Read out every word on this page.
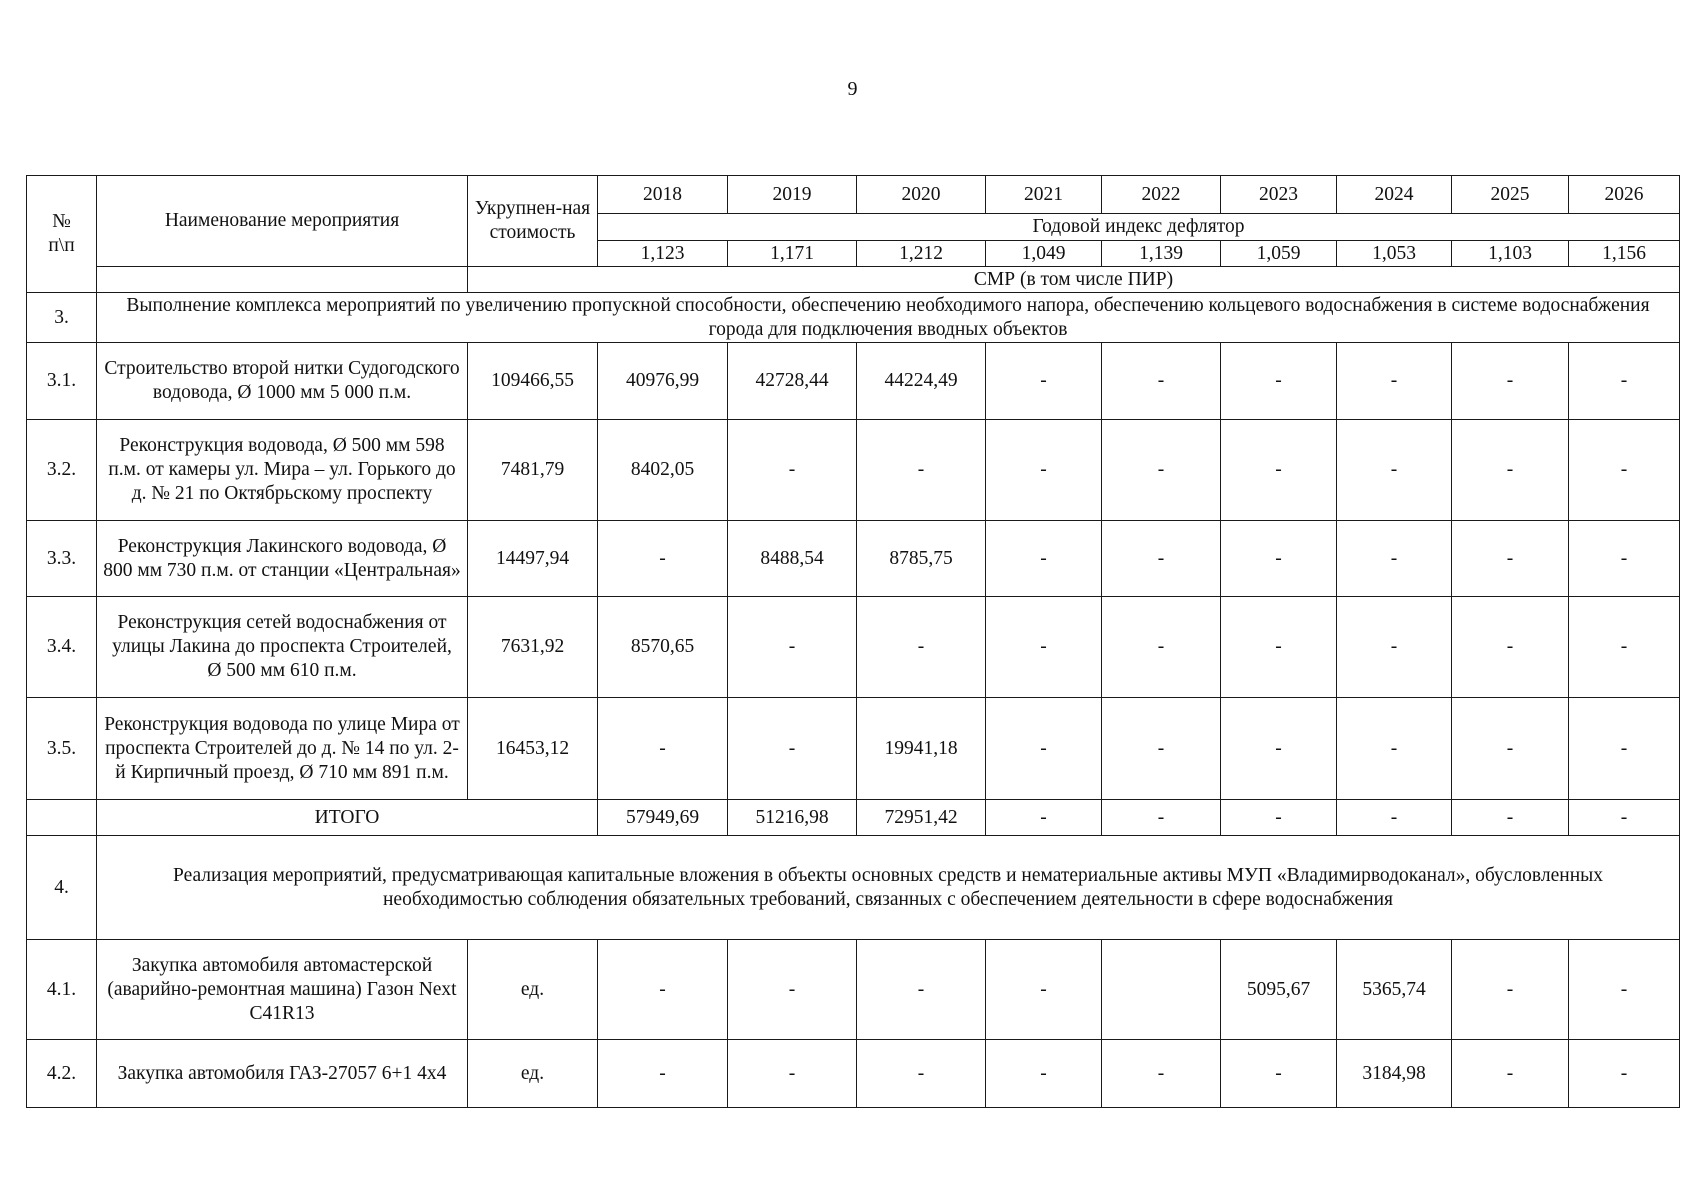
9
№ п\п	Наименование мероприятия	Укрупнен-ная стоимость	2018	2019	2020	2021	2022	2023	2024	2025	2026
			Годовой индекс дефлятор								
			1,123	1,171	1,212	1,049	1,139	1,059	1,053	1,103	1,156
		СМР (в том числе ПИР)									
3.	Выполнение комплекса мероприятий по увеличению пропускной способности, обеспечению необходимого напора, обеспечению кольцевого водоснабжения в системе водоснабжения города для подключения вводных объектов										
3.1.	Строительство второй нитки Судогодского водовода, Ø 1000 мм 5 000 п.м.	109466,55	40976,99	42728,44	44224,49	-	-	-	-	-	-
3.2.	Реконструкция водовода, Ø 500 мм 598 п.м. от камеры ул. Мира – ул. Горького до д. № 21 по Октябрьскому проспекту	7481,79	8402,05	-	-	-	-	-	-	-	-
3.3.	Реконструкция Лакинского водовода, Ø 800 мм 730 п.м. от станции «Центральная»	14497,94	-	8488,54	8785,75	-	-	-	-	-	-
3.4.	Реконструкция сетей водоснабжения от улицы Лакина до проспекта Строителей, Ø 500 мм 610 п.м.	7631,92	8570,65	-	-	-	-	-	-	-	-
3.5.	Реконструкция водовода по улице Мира от проспекта Строителей до д. № 14 по ул. 2-й Кирпичный проезд, Ø 710 мм 891 п.м.	16453,12	-	-	19941,18	-	-	-	-	-	-
	ИТОГО		57949,69	51216,98	72951,42	-	-	-	-	-	-
4.	Реализация мероприятий, предусматривающая капитальные вложения в объекты основных средств и нематериальные активы МУП «Владимирводоканал», обусловленных необходимостью соблюдения обязательных требований, связанных с обеспечением деятельности в сфере водоснабжения										
4.1.	Закупка автомобиля автомастерской (аварийно-ремонтная машина) Газон Next C41R13	ед.	-	-	-	-		5095,67	5365,74	-	-
4.2.	Закупка автомобиля ГАЗ-27057 6+1 4x4	ед.	-	-	-	-	-	-	3184,98	-	-
